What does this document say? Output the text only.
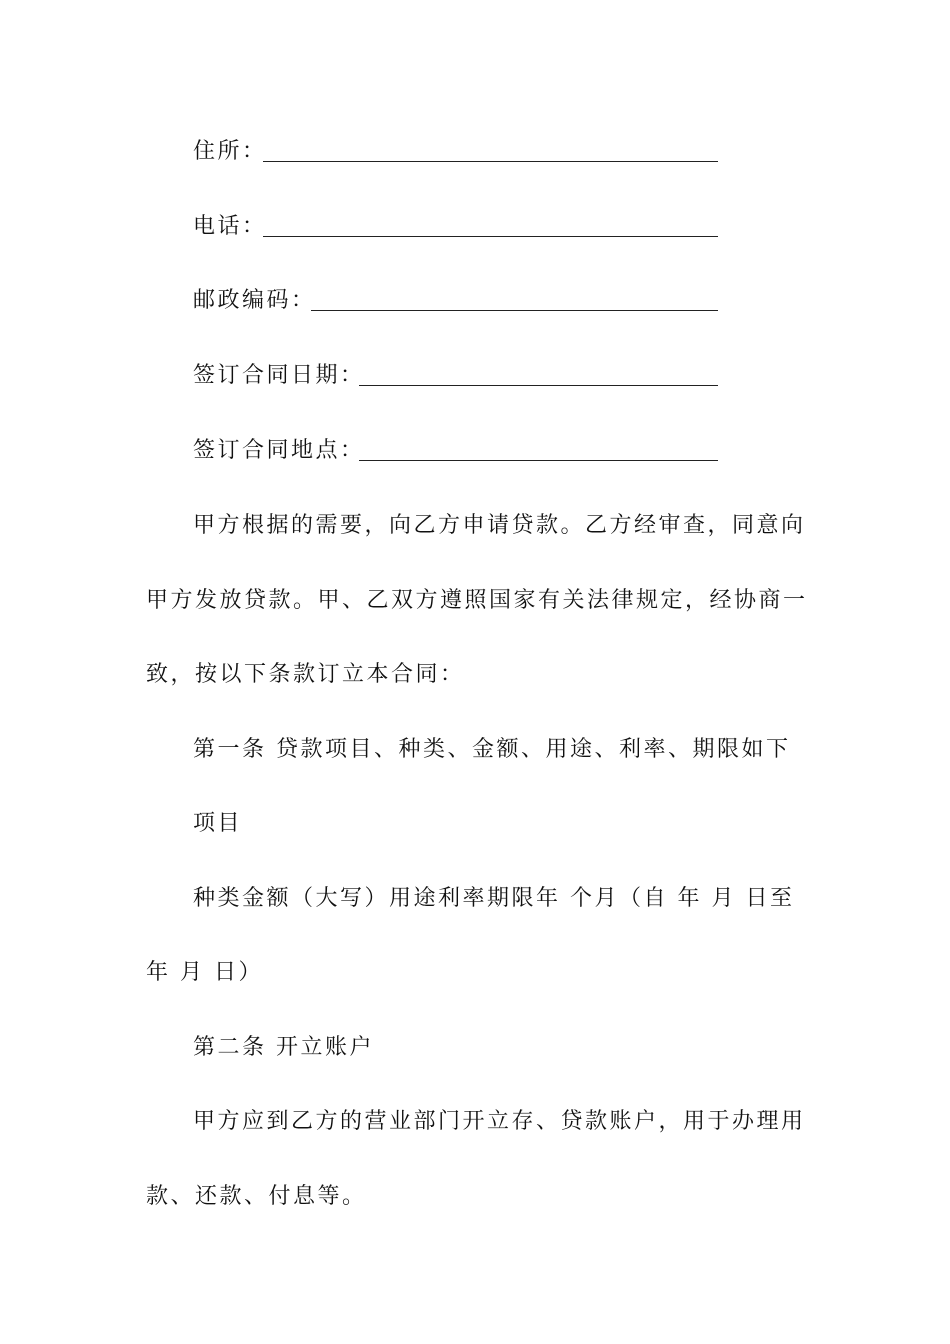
住所：
电话：
邮政编码：
签订合同日期：
签订合同地点：
甲方根据的需要，向乙方申请贷款。乙方经审查，同意向
甲方发放贷款。甲、乙双方遵照国家有关法律规定，经协商一
致，按以下条款订立本合同：
第一条 贷款项目、种类、金额、用途、利率、期限如下
项目
种类金额（大写）用途利率期限年 个月（自 年 月 日至
年 月 日）
第二条 开立账户
甲方应到乙方的营业部门开立存、贷款账户，用于办理用
款、还款、付息等。
